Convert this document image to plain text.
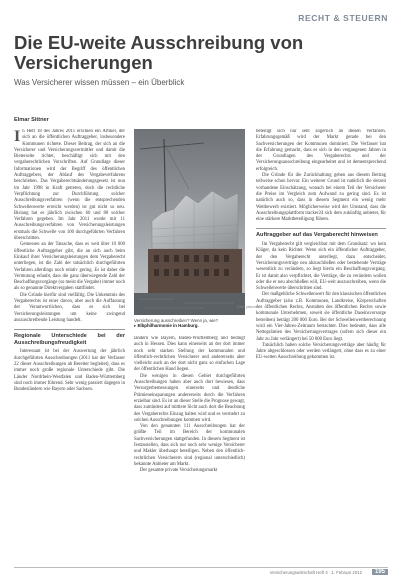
RECHT & STEUERN
Die EU-weite Ausschreibung von Versicherungen
Was Versicherer wissen müssen – ein Überblick
Elmar Sittner

In Heft 18 des Jahres 2011 erschien ein Artikel, der sich an die öffentlichen Auftraggeber, insbesondere Kommunen richtete. Dieser Beitrag, der sich an die Versicherer und Versicherungsvermittler und damit die Bieterseite richtet, beschäftigt sich mit den vergaberechtlichen Vorschriften. Auf Grundlage dieser Informationen wird der Begriff des öffentlichen Auftraggebers, der Ablauf des Vergabeverfahrens beschrieben. Das Vergaberechtsänderungsgesetz ist nun im Jahr 1998 in Kraft getreten, doch die rechtliche Verpflichtung zur Durchführung solcher Ausschreibungsverfahren (wenn die entsprechenden Schwellenwerte erreicht werden) ist gut nicht so neu. Bislang hat es jährlich zwischen 60 und 80 solcher Verfahren gegeben. Im Jahr 2011 wurde mit 11 Ausschreibungsverfahren von Versicherungsleistungen erstmals die Schwelle von 100 durchgeführten Verfahren überschritten.

Gemessen an der Tatsache, dass es weit über 10 000 öffentliche Auftraggeber gibt, die an sich auch beim Einkauf ihrer Versicherungsleistungen dem Vergaberecht unterliegen, ist die Zahl der tatsächlich durchgeführten Verfahren allerdings noch relativ gering. Es ist daher die Vermutung erlaubt, dass die ganz überwiegende Zahl der Beschaffungsvorgänge (so meist die Vergabe) immer noch als so genannte Direktvergaben stattfindet.

Die Gründe hierfür sind vielfältig. Die Unkenntnis des Vergaberechts ist einer davon, aber auch die Auffassung der Verantwortlichen, dass es sich bei Versicherungsleistungen um keine zwingend auszuschreibende Leistung handelt.

Regionale Unterschiede bei der Ausschreibungsfreudigkeit

Interessant ist bei der Auswertung der jährlich durchgeführten Ausschreibungen (2011 hat der Verfasser 22 dieser Ausschreibungen ab Bereiter begleitet), dass es immer noch große regionale Unterschiede gibt. Die Länder Nordrhein-Westfalen und Baden-Württemberg sind noch immer führend. Sehr wenig passiert dagegen in Bundesländern wie Bayern oder Sachsen.

Foto: picture
Versicherung ausschreiben? Wenn ja, wie?
▸ Elbphilharmonie in Hamburg.

ländern wie Bayern, Baden-Württemberg und bedingt auch in Hessen. Dies kann einerseits an der dort immer noch sehr starken Stellung der kommunalen und öffentlich-rechtlichen Versicherer und andererseits aber vielleicht auch an der dort nicht ganz so einfachen Lage der öffentlichen Hand liegen.

Die wenigen in diesen Gebiet durchgeführten Ausschreibungen haben aber auch dort bewiesen, dass Versorgerbemessungen einerseits und deutliche Prämieneinsparungen andererseits durch die Verfahren erzielbar sind. Es ist an dieser Stelle die Prognose gewagt, dass zumindest auf mittlere Sicht auch dort die Beachtung des Vergaberechts Einzug halten wird und es vermehrt zu solchen Ausschreibungen kommen wird.

Von den genannten 111 Ausschreibungen hat der größte Teil im Bereich der kommunalen Sachversicherungen stattgefunden. In diesem Segment ist festzustellen, dass sich nur noch sehr wenige Versicherer und Makler überhaupt beteiligen. Neben den öffentlich-rechtlichen Versicherern sind (regional unterschiedlich) bekannte Anbieter am Markt.

Der gesamte private Versicherungsmarkt

beteiligt sich nur sehr zögerlich an diesen Verfahren. Erfahrungsgemäß wird der Markt gerade bei den Sachversicherungen der Kommunen dominiert. Die Verfasser hat die Erfahrung gemacht, dass es sich in den vergangenen Jahren in der Grundlagen des Vergaberechts und der Versicherungsausschreibung eingearbeitet und ist dementsprechend erfolgreich.

Die Gründe für die Zurückhaltung gehen aus diesem Beitrag teilweise schon hervor. Ein weiterer Grund ist natürlich die derzeit vorhandene Einschätzung, wonach bei einem Teil der Versicherer die Preise im Vergleich zum Aufwand zu gering sind. Es ist natürlich auch so, dass in diesem Segment ein wenig mehr Wettbewerb existiert. Möglicherweise wird der Umstand, dass die Ausschreibungsplattform tracker24 sich dem zukünftig anbietet, für eine stärkere Marktbeteiligung führen.

Auftraggeber auf das Vergaberecht hinweisen

Im Vergaberecht gilt vergleichbar mit dem Grundsatz: wo kein Kläger, da kein Richter. Wenn sich ein öffentlicher Auftraggeber, der den Vergaberecht unterliegt, dazu entscheidet, Versicherungsverträge neu abzuschließen oder bestehende Verträge wesentlich zu verändern, so liegt hierin ein Beschaffungsvorgang. Er ist damit also verpflichtet, die Verträge, die zu verändern wollen oder die er neu abschließen will, EU-weit auszuschreiben, wenn die Schwellenwerte überschritten sind.

Der maßgebliche Schwellenwert für den klassischen öffentlichen Auftraggeber (also z.B. Kommunen, Landkreise, Körperschaften des öffentlichen Rechts, Anstalten des öffentlichen Rechts sowie kommunale Unternehmen, soweit sie öffentliche Daseinsvorsorge betreiben) beträgt 200 000 Euro. Bei der Schwellenwertberechnung wird ein Vier-Jahres-Zeitraum betrachtet. Dies bedeutet, dass alle Nettoprämien des Versicherungsvertrages (sofern sich dieser ein Jahr zu Jahr verlängert) bei 50 000 Euro liegt.

Tatsächlich haben solche Versicherungsverträge aber häufig für Jahre abgeschlossen oder werden verlängert, ohne dass es zu einer EU-weiten Ausschreibung gekommen ist.

Versicherungswirtschaft Heft 3 · 1. Februar 2012	195
